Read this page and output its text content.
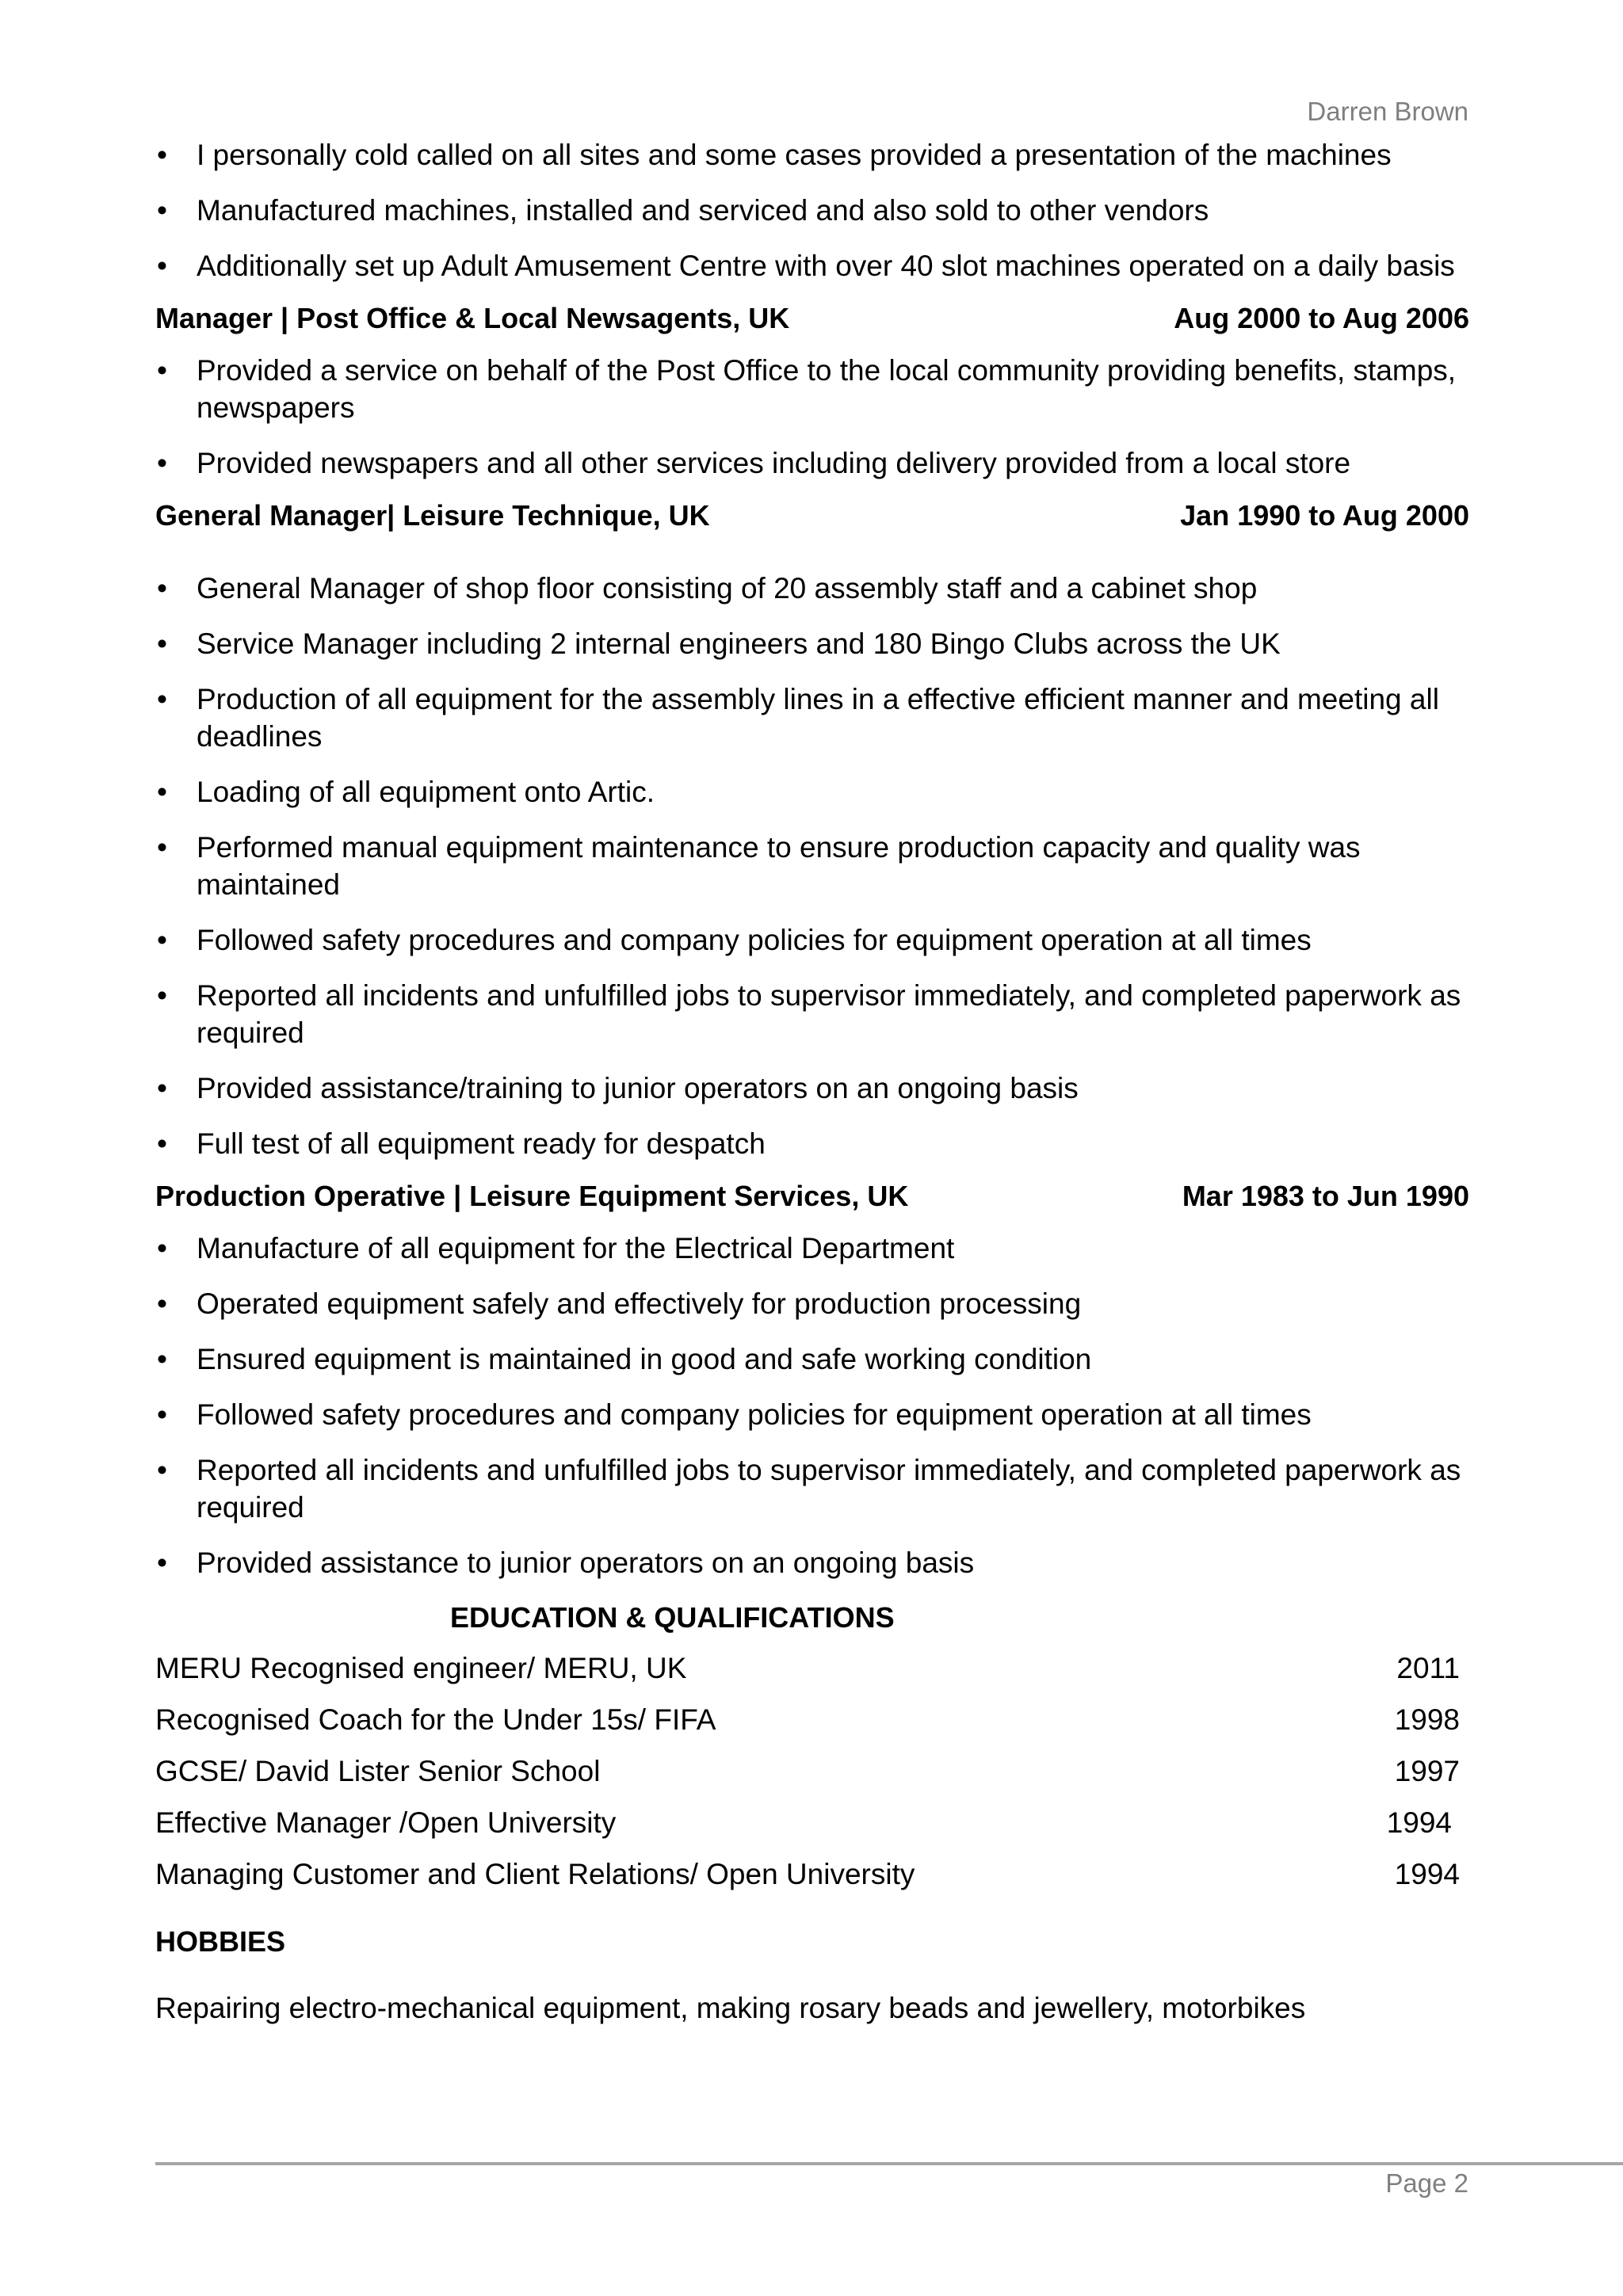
Darren Brown
• I personally cold called on all sites and some cases provided a presentation of the machines
• Manufactured machines, installed and serviced and also sold to other vendors
• Additionally set up Adult Amusement Centre with over 40 slot machines operated on a daily basis
Manager | Post Office & Local Newsagents, UK	Aug 2000 to Aug 2006
• Provided a service on behalf of the Post Office to the local community providing benefits, stamps, newspapers
• Provided newspapers and all other services including delivery provided from a local store
General Manager| Leisure Technique, UK	Jan 1990 to Aug 2000
• General Manager of shop floor consisting of 20 assembly staff and a cabinet shop
• Service Manager including 2 internal engineers and 180 Bingo Clubs across the UK
• Production of all equipment for the assembly lines in a effective efficient manner and meeting all deadlines
• Loading of all equipment onto Artic.
• Performed manual equipment maintenance to ensure production capacity and quality was maintained
• Followed safety procedures and company policies for equipment operation at all times
• Reported all incidents and unfulfilled jobs to supervisor immediately, and completed paperwork as required
• Provided assistance/training to junior operators on an ongoing basis
• Full test of all equipment ready for despatch
Production Operative | Leisure Equipment Services, UK	Mar 1983 to Jun 1990
• Manufacture of all equipment for the Electrical Department
• Operated equipment safely and effectively for production processing
• Ensured equipment is maintained in good and safe working condition
• Followed safety procedures and company policies for equipment operation at all times
• Reported all incidents and unfulfilled jobs to supervisor immediately, and completed paperwork as required
• Provided assistance to junior operators on an ongoing basis
EDUCATION & QUALIFICATIONS
MERU Recognised engineer/ MERU, UK	2011
Recognised Coach for the Under 15s/ FIFA	1998
GCSE/ David Lister Senior School	1997
Effective Manager /Open University	1994
Managing Customer and Client Relations/ Open University	1994
HOBBIES
Repairing electro-mechanical equipment, making rosary beads and jewellery, motorbikes
Page 2
